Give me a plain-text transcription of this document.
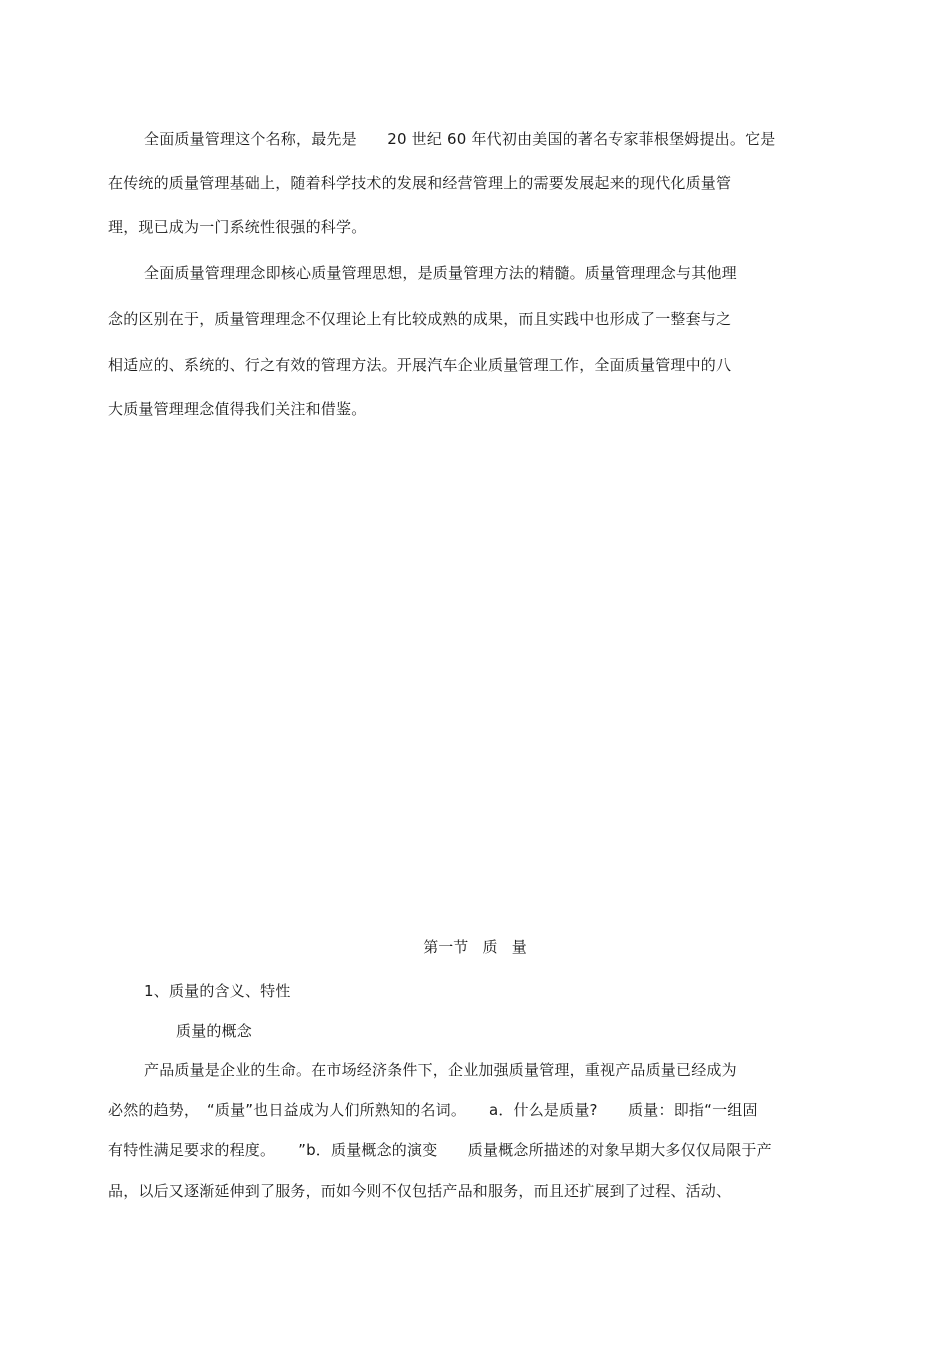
全面质量管理这个名称，最先是　　20 世纪 60 年代初由美国的著名专家菲根堡姆提出。它是
在传统的质量管理基础上，随着科学技术的发展和经营管理上的需要发展起来的现代化质量管
理，现已成为一门系统性很强的科学。
全面质量管理理念即核心质量管理思想，是质量管理方法的精髓。质量管理理念与其他理
念的区别在于，质量管理理念不仅理论上有比较成熟的成果，而且实践中也形成了一整套与之
相适应的、系统的、行之有效的管理方法。开展汽车企业质量管理工作，全面质量管理中的八
大质量管理理念值得我们关注和借鉴。
第一节   质   量
1、质量的含义、特性
质量的概念
产品质量是企业的生命。在市场经济条件下，企业加强质量管理，重视产品质量已经成为
必然的趋势，　“质量”也日益成为人们所熟知的名词。　　a．什么是质量?　　质量：即指“一组固
有特性满足要求的程度。　　”b．质量概念的演变　　质量概念所描述的对象早期大多仅仅局限于产
品，以后又逐渐延伸到了服务，而如今则不仅包括产品和服务，而且还扩展到了过程、活动、
